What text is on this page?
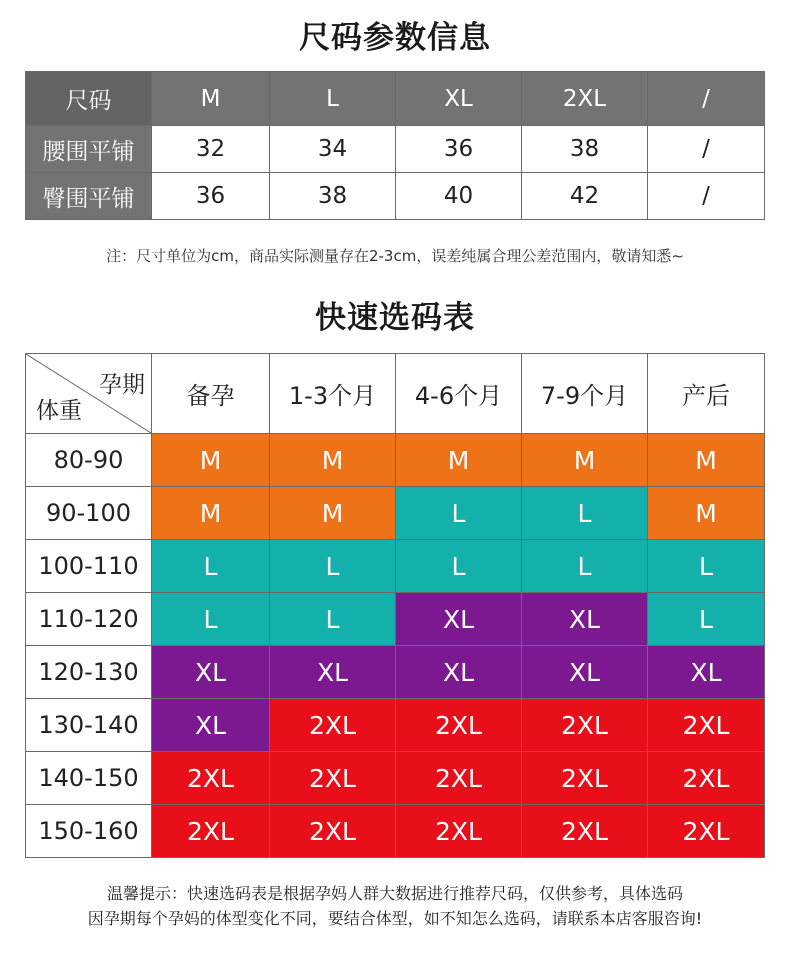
尺码参数信息
尺码	M	L	XL	2XL	/
腰围平铺	32	34	36	38	/
臀围平铺	36	38	40	42	/
注：尺寸单位为cm，商品实际测量存在2-3cm，误差纯属合理公差范围内，敬请知悉~
快速选码表
孕期
体重	备孕	1-3个月	4-6个月	7-9个月	产后
80-90	M	M	M	M	M
90-100	M	M	L	L	M
100-110	L	L	L	L	L
110-120	L	L	XL	XL	L
120-130	XL	XL	XL	XL	XL
130-140	XL	2XL	2XL	2XL	2XL
140-150	2XL	2XL	2XL	2XL	2XL
150-160	2XL	2XL	2XL	2XL	2XL
温馨提示：快速选码表是根据孕妈人群大数据进行推荐尺码，仅供参考，具体选码
因孕期每个孕妈的体型变化不同，要结合体型，如不知怎么选码，请联系本店客服咨询!
